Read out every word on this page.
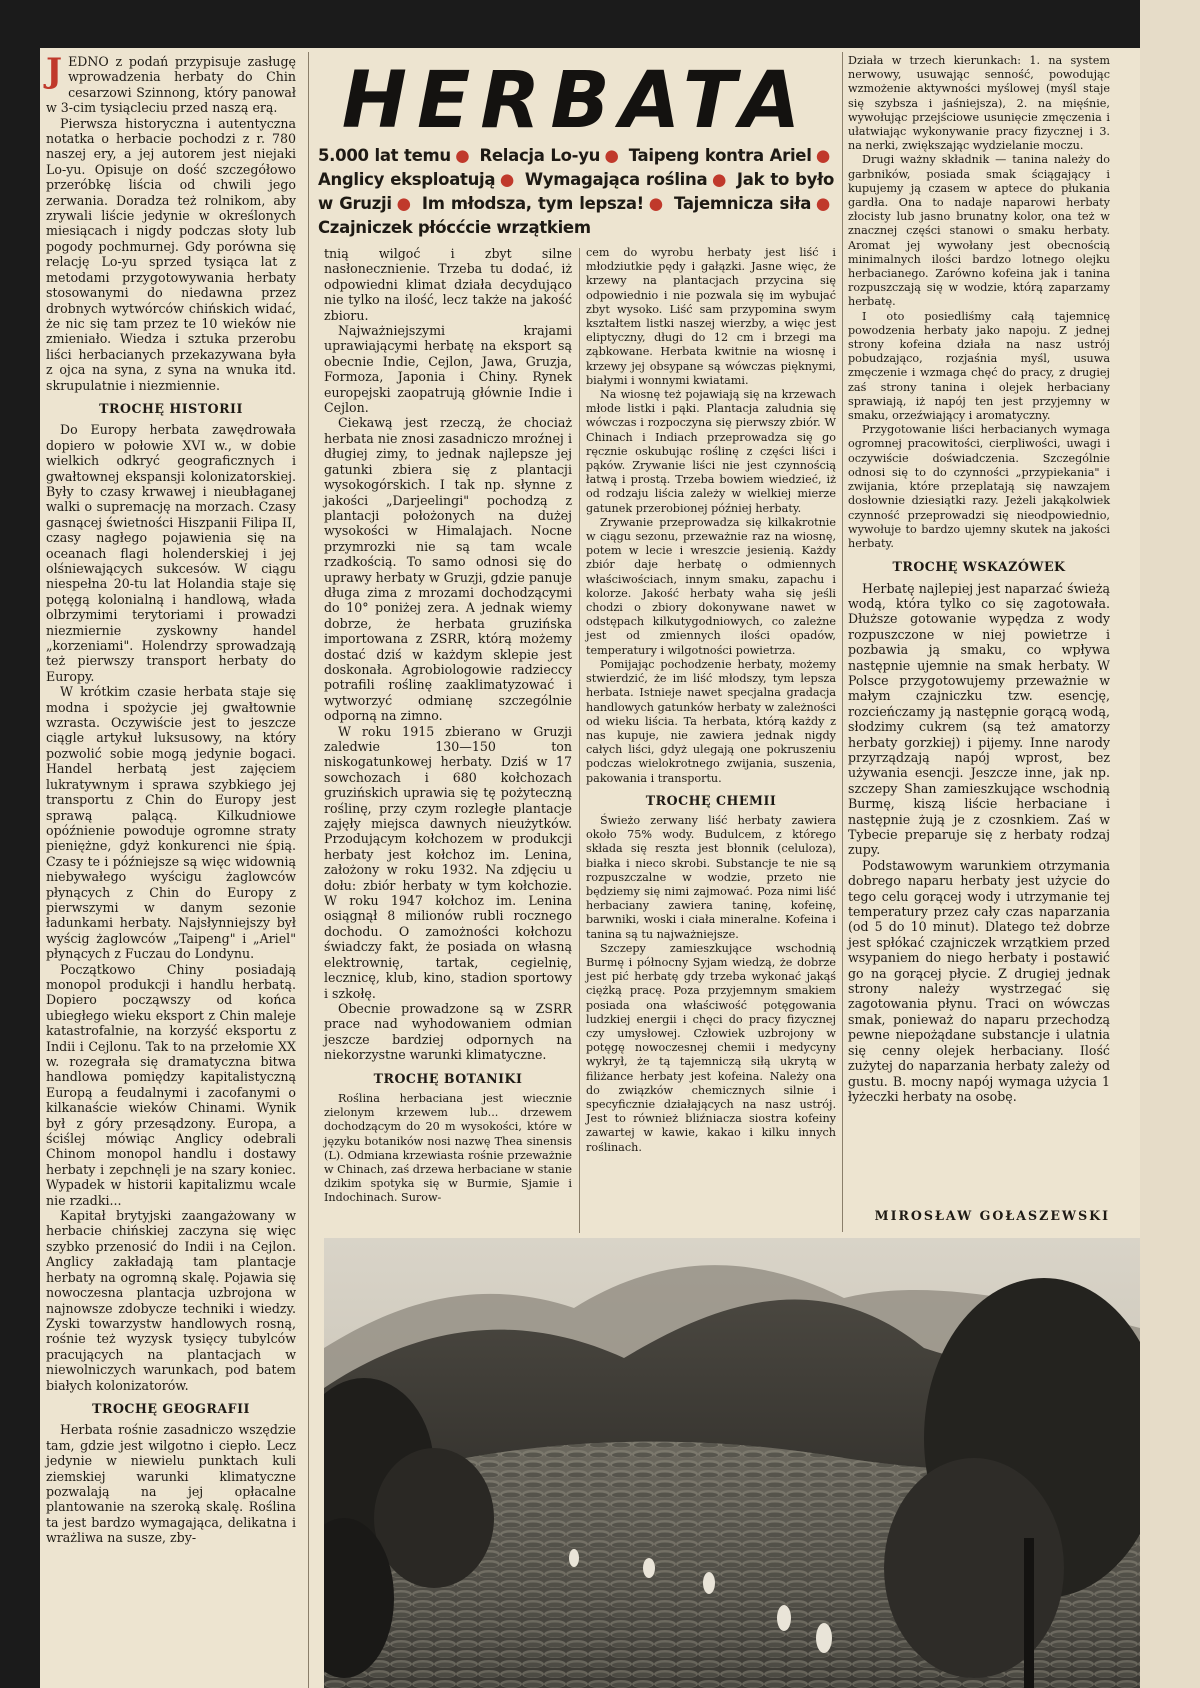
HERBATA
5.000 lat temu ● Relacja Lo-yu ● Taipeng kontra Ariel ● Anglicy eksploatują ● Wymagająca roślina ● Jak to było w Gruzji ● Im młodsza, tym lepsza! ● Tajemnicza siła ● Czajniczek płócćcie wrzątkiem

JEDNO z podań przypisuje zasługę wprowadzenia herbaty do Chin cesarzowi Szinnong, który panował w 3-cim tysiącleciu przed naszą erą.

Pierwsza historyczna i autentyczna notatka o herbacie pochodzi z r. 780 naszej ery, a jej autorem jest niejaki Lo-yu. Opisuje on dość szczegółowo przeróbkę liścia od chwili jego zerwania. Doradza też rolnikom, aby zrywali liście jedynie w określonych miesiącach i nigdy podczas słoty lub pogody pochmurnej. Gdy porówna się relację Lo-yu sprzed tysiąca lat z metodami przygotowywania herbaty stosowanymi do niedawna przez drobnych wytwórców chińskich widać, że nic się tam przez te 10 wieków nie zmieniało. Wiedza i sztuka przerobu liści herbacianych przekazywana była z ojca na syna, z syna na wnuka itd. skrupulatnie i niezmiennie.

TROCHĘ HISTORII

Do Europy herbata zawędrowała dopiero w połowie XVI w., w dobie wielkich odkryć geograficznych i gwałtownej ekspansji kolonizatorskiej. Były to czasy krwawej i nieubłaganej walki o supremację na morzach. Czasy gasnącej świetności Hiszpanii Filipa II, czasy nagłego pojawienia się na oceanach flagi holenderskiej i jej olśniewających sukcesów. W ciągu niespełna 20-tu lat Holandia staje się potęgą kolonialną i handlową, włada olbrzymimi terytoriami i prowadzi niezmiernie zyskowny handel „korzeniami". Holendrzy sprowadzają też pierwszy transport herbaty do Europy.

W krótkim czasie herbata staje się modna i spożycie jej gwałtownie wzrasta. Oczywiście jest to jeszcze ciągle artykuł luksusowy, na który pozwolić sobie mogą jedynie bogaci. Handel herbatą jest zajęciem lukratywnym i sprawa szybkiego jej transportu z Chin do Europy jest sprawą palącą. Kilkudniowe opóźnienie powoduje ogromne straty pieniężne, gdyż konkurenci nie śpią. Czasy te i późniejsze są więc widownią niebywałego wyścigu żaglowców płynących z Chin do Europy z pierwszymi w danym sezonie ładunkami herbaty. Najsłynniejszy był wyścig żaglowców „Taipeng" i „Ariel" płynących z Fuczau do Londynu.

Początkowo Chiny posiadają monopol produkcji i handlu herbatą. Dopiero począwszy od końca ubiegłego wieku eksport z Chin maleje katastrofalnie, na korzyść eksportu z Indii i Cejlonu. Tak to na przełomie XX w. rozegrała się dramatyczna bitwa handlowa pomiędzy kapitalistyczną Europą a feudalnymi i zacofanymi o kilkanaście wieków Chinami. Wynik był z góry przesądzony. Europa, a ściślej mówiąc Anglicy odebrali Chinom monopol handlu i dostawy herbaty i zepchnęli je na szary koniec. Wypadek w historii kapitalizmu wcale nie rzadki...

Kapitał brytyjski zaangażowany w herbacie chińskiej zaczyna się więc szybko przenosić do Indii i na Cejlon. Anglicy zakładają tam plantacje herbaty na ogromną skalę. Pojawia się nowoczesna plantacja uzbrojona w najnowsze zdobycze techniki i wiedzy. Zyski towarzystw handlowych rosną, rośnie też wyzysk tysięcy tubylców pracujących na plantacjach w niewolniczych warunkach, pod batem białych kolonizatorów.

TROCHĘ GEOGRAFII

Herbata rośnie zasadniczo wszędzie tam, gdzie jest wilgotno i ciepło. Lecz jedynie w niewielu punktach kuli ziemskiej warunki klimatyczne pozwalają na jej opłacalne plantowanie na szeroką skalę. Roślina ta jest bardzo wymagająca, delikatna i wrażliwa na susze, zby-

tnią wilgoć i zbyt silne nasłonecznienie. Trzeba tu dodać, iż odpowiedni klimat działa decydująco nie tylko na ilość, lecz także na jakość zbioru.

Najważniejszymi krajami uprawiającymi herbatę na eksport są obecnie Indie, Cejlon, Jawa, Gruzja, Formoza, Japonia i Chiny. Rynek europejski zaopatrują głównie Indie i Cejlon.

Ciekawą jest rzeczą, że chociaż herbata nie znosi zasadniczo mroźnej i długiej zimy, to jednak najlepsze jej gatunki zbiera się z plantacji wysokogórskich. I tak np. słynne z jakości „Darjeelingi" pochodzą z plantacji położonych na dużej wysokości w Himalajach. Nocne przymrozki nie są tam wcale rzadkością. To samo odnosi się do uprawy herbaty w Gruzji, gdzie panuje długa zima z mrozami dochodzącymi do 10° poniżej zera. A jednak wiemy dobrze, że herbata gruzińska importowana z ZSRR, którą możemy dostać dziś w każdym sklepie jest doskonała. Agrobiologowie radzieccy potrafili roślinę zaaklimatyzować i wytworzyć odmianę szczególnie odporną na zimno.

W roku 1915 zbierano w Gruzji zaledwie 130—150 ton niskogatunkowej herbaty. Dziś w 17 sowchozach i 680 kołchozach gruzińskich uprawia się tę pożyteczną roślinę, przy czym rozległe plantacje zajęły miejsca dawnych nieużytków. Przodującym kołchozem w produkcji herbaty jest kołchoz im. Lenina, założony w roku 1932. Na zdjęciu u dołu: zbiór herbaty w tym kołchozie. W roku 1947 kołchoz im. Lenina osiągnął 8 milionów rubli rocznego dochodu. O zamożności kołchozu świadczy fakt, że posiada on własną elektrownię, tartak, cegielnię, lecznicę, klub, kino, stadion sportowy i szkołę.

Obecnie prowadzone są w ZSRR prace nad wyhodowaniem odmian jeszcze bardziej odpornych na niekorzystne warunki klimatyczne.

TROCHĘ BOTANIKI

Roślina herbaciana jest wiecznie zielonym krzewem lub... drzewem dochodzącym do 20 m wysokości, które w języku botaników nosi nazwę Thea sinensis (L). Odmiana krzewiasta rośnie przeważnie w Chinach, zaś drzewa herbaciane w stanie dzikim spotyka się w Burmie, Sjamie i Indochinach. Surow-

cem do wyrobu herbaty jest liść i młodziutkie pędy i gałązki. Jasne więc, że krzewy na plantacjach przycina się odpowiednio i nie pozwala się im wybujać zbyt wysoko. Liść sam przypomina swym kształtem listki naszej wierzby, a więc jest eliptyczny, długi do 12 cm i brzegi ma ząbkowane. Herbata kwitnie na wiosnę i krzewy jej obsypane są wówczas pięknymi, białymi i wonnymi kwiatami.

Na wiosnę też pojawiają się na krzewach młode listki i pąki. Plantacja zaludnia się wówczas i rozpoczyna się pierwszy zbiór. W Chinach i Indiach przeprowadza się go ręcznie oskubując roślinę z części liści i pąków. Zrywanie liści nie jest czynnością łatwą i prostą. Trzeba bowiem wiedzieć, iż od rodzaju liścia zależy w wielkiej mierze gatunek przerobionej później herbaty.

Zrywanie przeprowadza się kilkakrotnie w ciągu sezonu, przeważnie raz na wiosnę, potem w lecie i wreszcie jesienią. Każdy zbiór daje herbatę o odmiennych właściwościach, innym smaku, zapachu i kolorze. Jakość herbaty waha się jeśli chodzi o zbiory dokonywane nawet w odstępach kilkutygodniowych, co zależne jest od zmiennych ilości opadów, temperatury i wilgotności powietrza.

Pomijając pochodzenie herbaty, możemy stwierdzić, że im liść młodszy, tym lepsza herbata. Istnieje nawet specjalna gradacja handlowych gatunków herbaty w zależności od wieku liścia. Ta herbata, którą każdy z nas kupuje, nie zawiera jednak nigdy całych liści, gdyż ulegają one pokruszeniu podczas wielokrotnego zwijania, suszenia, pakowania i transportu.

TROCHĘ CHEMII

Świeżo zerwany liść herbaty zawiera około 75% wody. Budulcem, z którego składa się reszta jest błonnik (celuloza), białka i nieco skrobi. Substancje te nie są rozpuszczalne w wodzie, przeto nie będziemy się nimi zajmować. Poza nimi liść herbaciany zawiera taninę, kofeinę, barwniki, woski i ciała mineralne. Kofeina i tanina są tu najważniejsze.

Szczepy zamieszkujące wschodnią Burmę i północny Syjam wiedzą, że dobrze jest pić herbatę gdy trzeba wykonać jakąś ciężką pracę. Poza przyjemnym smakiem posiada ona właściwość potęgowania ludzkiej energii i chęci do pracy fizycznej czy umysłowej. Człowiek uzbrojony w potęgę nowoczesnej chemii i medycyny wykrył, że tą tajemniczą siłą ukrytą w filiżance herbaty jest kofeina. Należy ona do związków chemicznych silnie i specyficznie działających na nasz ustrój. Jest to również bliźniacza siostra kofeiny zawartej w kawie, kakao i kilku innych roślinach.

Działa w trzech kierunkach: 1. na system nerwowy, usuwając senność, powodując wzmożenie aktywności myślowej (myśl staje się szybsza i jaśniejsza), 2. na mięśnie, wywołując przejściowe usunięcie zmęczenia i ułatwiając wykonywanie pracy fizycznej i 3. na nerki, zwiększając wydzielanie moczu.

Drugi ważny składnik — tanina należy do garbników, posiada smak ściągający i kupujemy ją czasem w aptece do płukania gardła. Ona to nadaje naparowi herbaty złocisty lub jasno brunatny kolor, ona też w znacznej części stanowi o smaku herbaty. Aromat jej wywołany jest obecnością minimalnych ilości bardzo lotnego olejku herbacianego. Zarówno kofeina jak i tanina rozpuszczają się w wodzie, którą zaparzamy herbatę.

I oto posiedliśmy całą tajemnicę powodzenia herbaty jako napoju. Z jednej strony kofeina działa na nasz ustrój pobudzająco, rozjaśnia myśl, usuwa zmęczenie i wzmaga chęć do pracy, z drugiej zaś strony tanina i olejek herbaciany sprawiają, iż napój ten jest przyjemny w smaku, orzeźwiający i aromatyczny.

Przygotowanie liści herbacianych wymaga ogromnej pracowitości, cierpliwości, uwagi i oczywiście doświadczenia. Szczególnie odnosi się to do czynności „przypiekania" i zwijania, które przeplatają się nawzajem dosłownie dziesiątki razy. Jeżeli jakąkolwiek czynność przeprowadzi się nieodpowiednio, wywołuje to bardzo ujemny skutek na jakości herbaty.

TROCHĘ WSKAZÓWEK

Herbatę najlepiej jest naparzać świeżą wodą, która tylko co się zagotowała. Dłuższe gotowanie wypędza z wody rozpuszczone w niej powietrze i pozbawia ją smaku, co wpływa następnie ujemnie na smak herbaty. W Polsce przygotowujemy przeważnie w małym czajniczku tzw. esencję, rozcieńczamy ją następnie gorącą wodą, słodzimy cukrem (są też amatorzy herbaty gorzkiej) i pijemy. Inne narody przyrządzają napój wprost, bez używania esencji. Jeszcze inne, jak np. szczepy Shan zamieszkujące wschodnią Burmę, kiszą liście herbaciane i następnie żują je z czosnkiem. Zaś w Tybecie preparuje się z herbaty rodzaj zupy.

Podstawowym warunkiem otrzymania dobrego naparu herbaty jest użycie do tego celu gorącej wody i utrzymanie tej temperatury przez cały czas naparzania (od 5 do 10 minut). Dlatego też dobrze jest spłókać czajniczek wrzątkiem przed wsypaniem do niego herbaty i postawić go na gorącej płycie. Z drugiej jednak strony należy wystrzegać się zagotowania płynu. Traci on wówczas smak, ponieważ do naparu przechodzą pewne niepożądane substancje i ulatnia się cenny olejek herbaciany. Ilość zużytej do naparzania herbaty zależy od gustu. B. mocny napój wymaga użycia 1 łyżeczki herbaty na osobę.

MIROSŁAW GOŁASZEWSKI
